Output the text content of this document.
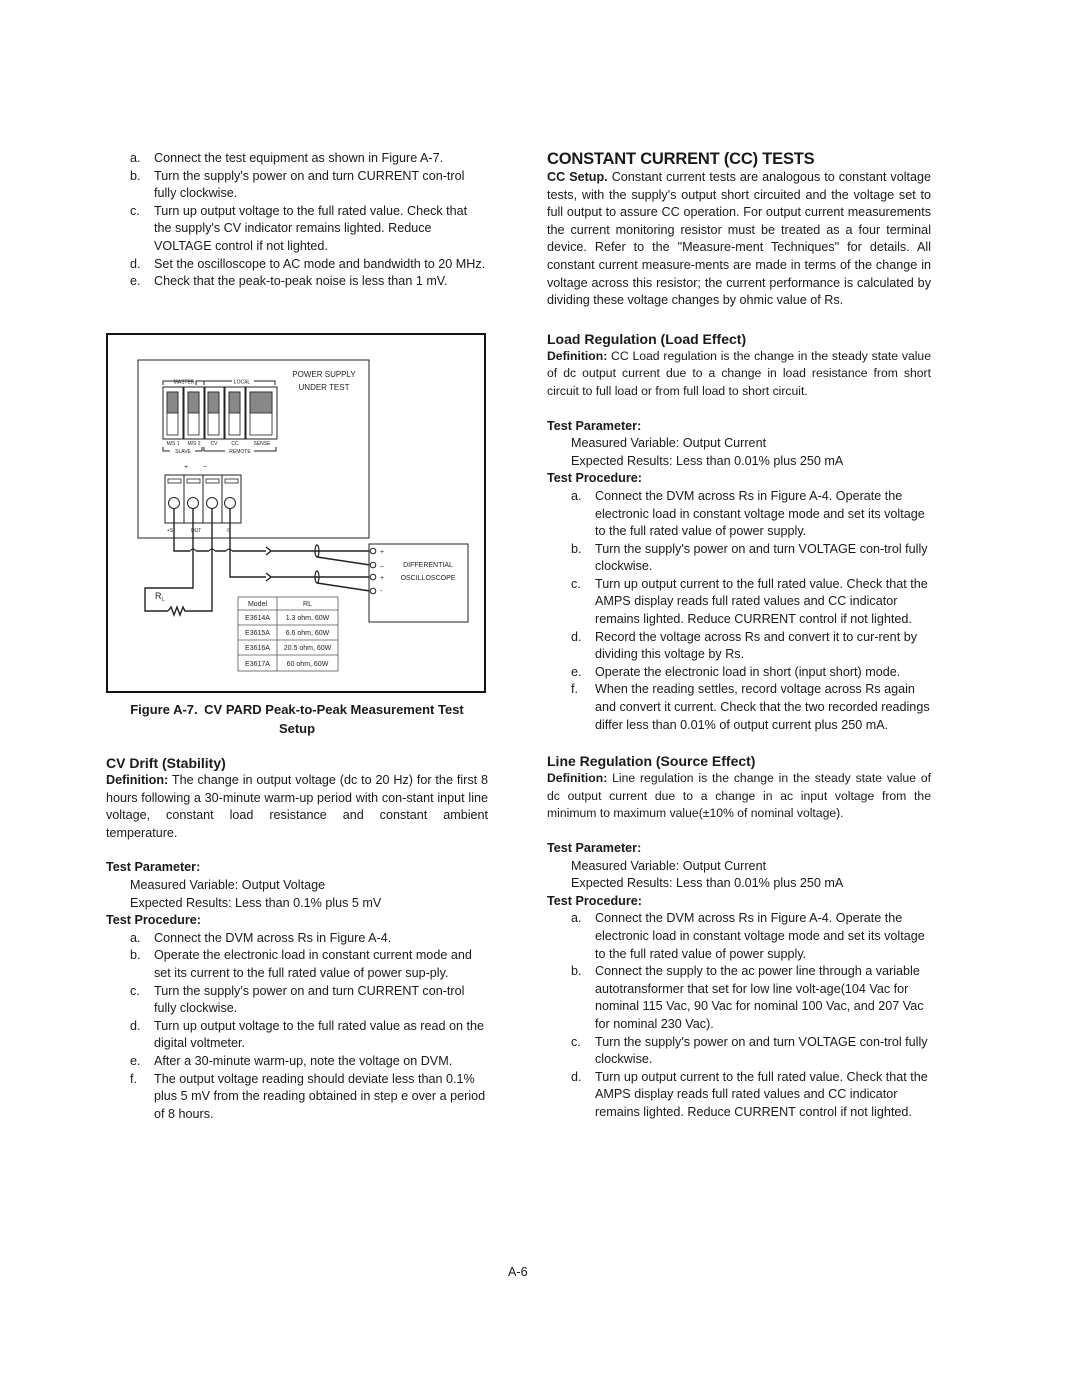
a.	Connect the test equipment as shown in Figure A-7.
b.	Turn the supply's power on and turn CURRENT con-trol fully clockwise.
c.	Turn up output voltage to the full rated value. Check that the supply's CV indicator remains lighted. Reduce VOLTAGE control if not lighted.
d.	Set the oscilloscope to AC mode and bandwidth to 20 MHz.
e.	Check that the peak-to-peak noise is less than 1 mV.
POWER SUPPLY
UNDER TEST
MASTER	LOCAL
M/S 1 M/S 2 CV	CC	SENSE
SLAVE	REMOTE
+ −
+S	OUT	-S
R L
+
–
+
-
DIFFERENTIAL
OSCILLOSCOPE
Model	RL
E3614A 1.3 ohm, 60W
E3615A 6.6 ohm, 60W
E3616A 20.5 ohm, 60W
E3617A 60 ohm, 60W
Figure A-7. CV PARD Peak-to-Peak Measurement Test
Setup
CV Drift (Stability)
Definition: The change in output voltage (dc to 20 Hz) for the first 8 hours following a 30-minute warm-up period with con-stant input line voltage, constant load resistance and constant ambient temperature.
Test Parameter:
Measured Variable: Output Voltage
Expected Results: Less than 0.1% plus 5 mV
Test Procedure:
a.	Connect the DVM across Rs in Figure A-4.
b.	Operate the electronic load in constant current mode and set its current to the full rated value of power sup-ply.
c.	Turn the supply's power on and turn CURRENT con-trol fully clockwise.
d.	Turn up output voltage to the full rated value as read on the digital voltmeter.
e.	After a 30-minute warm-up, note the voltage on DVM.
f.	The output voltage reading should deviate less than 0.1% plus 5 mV from the reading obtained in step e over a period of 8 hours.
CONSTANT CURRENT (CC) TESTS
CC Setup. Constant current tests are analogous to constant voltage tests, with the supply's output short circuited and the voltage set to full output to assure CC operation. For output current measurements the current monitoring resistor must be treated as a four terminal device. Refer to the "Measure-ment Techniques" for details. All constant current measure-ments are made in terms of the change in voltage across this resistor; the current performance is calculated by dividing these voltage changes by ohmic value of Rs.
Load Regulation (Load Effect)
Definition: CC Load regulation is the change in the steady state value of dc output current due to a change in load resistance from short circuit to full load or from full load to short circuit.
Test Parameter:
Measured Variable: Output Current
Expected Results: Less than 0.01% plus 250 mA
Test Procedure:
a.	Connect the DVM across Rs in Figure A-4. Operate the electronic load in constant voltage mode and set its voltage to the full rated value of power supply.
b.	Turn the supply's power on and turn VOLTAGE con-trol fully clockwise.
c.	Turn up output current to the full rated value. Check that the AMPS display reads full rated values and CC indicator remains lighted. Reduce CURRENT control if not lighted.
d.	Record the voltage across Rs and convert it to cur-rent by dividing this voltage by Rs.
e.	Operate the electronic load in short (input short) mode.
f.	When the reading settles, record voltage across Rs again and convert it current. Check that the two recorded readings differ less than 0.01% of output current plus 250 mA.
Line Regulation (Source Effect)
Definition: Line regulation is the change in the steady state value of dc output current due to a change in ac input voltage from the minimum to maximum value(±10% of nominal voltage).
Test Parameter:
Measured Variable: Output Current
Expected Results: Less than 0.01% plus 250 mA
Test Procedure:
a.	Connect the DVM across Rs in Figure A-4. Operate the electronic load in constant voltage mode and set its voltage to the full rated value of power supply.
b.	Connect the supply to the ac power line through a variable autotransformer that set for low line volt-age(104 Vac for nominal 115 Vac, 90 Vac for nominal 100 Vac, and 207 Vac for nominal 230 Vac).
c.	Turn the supply's power on and turn VOLTAGE con-trol fully clockwise.
d.	Turn up output current to the full rated value. Check that the AMPS display reads full rated values and CC indicator remains lighted. Reduce CURRENT control if not lighted.
A-6
